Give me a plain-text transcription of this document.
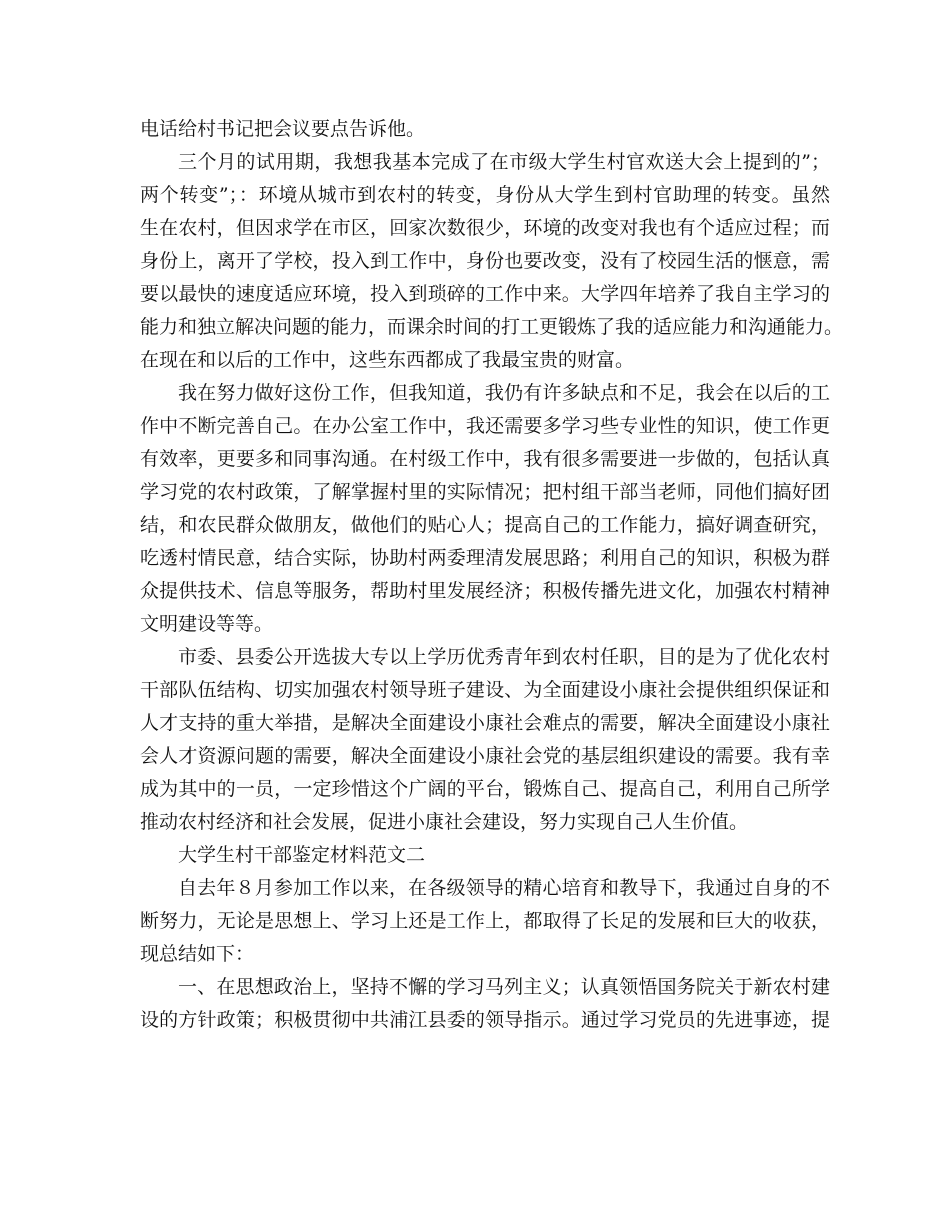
电话给村书记把会议要点告诉他。
三个月的试用期，我想我基本完成了在市级大学生村官欢送大会上提到的”；
两个转变”；：环境从城市到农村的转变，身份从大学生到村官助理的转变。虽然
生在农村，但因求学在市区，回家次数很少，环境的改变对我也有个适应过程；而
身份上，离开了学校，投入到工作中，身份也要改变，没有了校园生活的惬意，需
要以最快的速度适应环境，投入到琐碎的工作中来。大学四年培养了我自主学习的
能力和独立解决问题的能力，而课余时间的打工更锻炼了我的适应能力和沟通能力。
在现在和以后的工作中，这些东西都成了我最宝贵的财富。
我在努力做好这份工作，但我知道，我仍有许多缺点和不足，我会在以后的工
作中不断完善自己。在办公室工作中，我还需要多学习些专业性的知识，使工作更
有效率，更要多和同事沟通。在村级工作中，我有很多需要进一步做的，包括认真
学习党的农村政策，了解掌握村里的实际情况；把村组干部当老师，同他们搞好团
结，和农民群众做朋友，做他们的贴心人；提高自己的工作能力，搞好调查研究，
吃透村情民意，结合实际，协助村两委理清发展思路；利用自己的知识，积极为群
众提供技术、信息等服务，帮助村里发展经济；积极传播先进文化，加强农村精神
文明建设等等。
市委、县委公开选拔大专以上学历优秀青年到农村任职，目的是为了优化农村
干部队伍结构、切实加强农村领导班子建设、为全面建设小康社会提供组织保证和
人才支持的重大举措，是解决全面建设小康社会难点的需要，解决全面建设小康社
会人才资源问题的需要，解决全面建设小康社会党的基层组织建设的需要。我有幸
成为其中的一员，一定珍惜这个广阔的平台，锻炼自己、提高自己，利用自己所学
推动农村经济和社会发展，促进小康社会建设，努力实现自己人生价值。
大学生村干部鉴定材料范文二
自去年８月参加工作以来，在各级领导的精心培育和教导下，我通过自身的不
断努力，无论是思想上、学习上还是工作上，都取得了长足的发展和巨大的收获，
现总结如下：
一、在思想政治上，坚持不懈的学习马列主义；认真领悟国务院关于新农村建
设的方针政策；积极贯彻中共浦江县委的领导指示。通过学习党员的先进事迹，提
